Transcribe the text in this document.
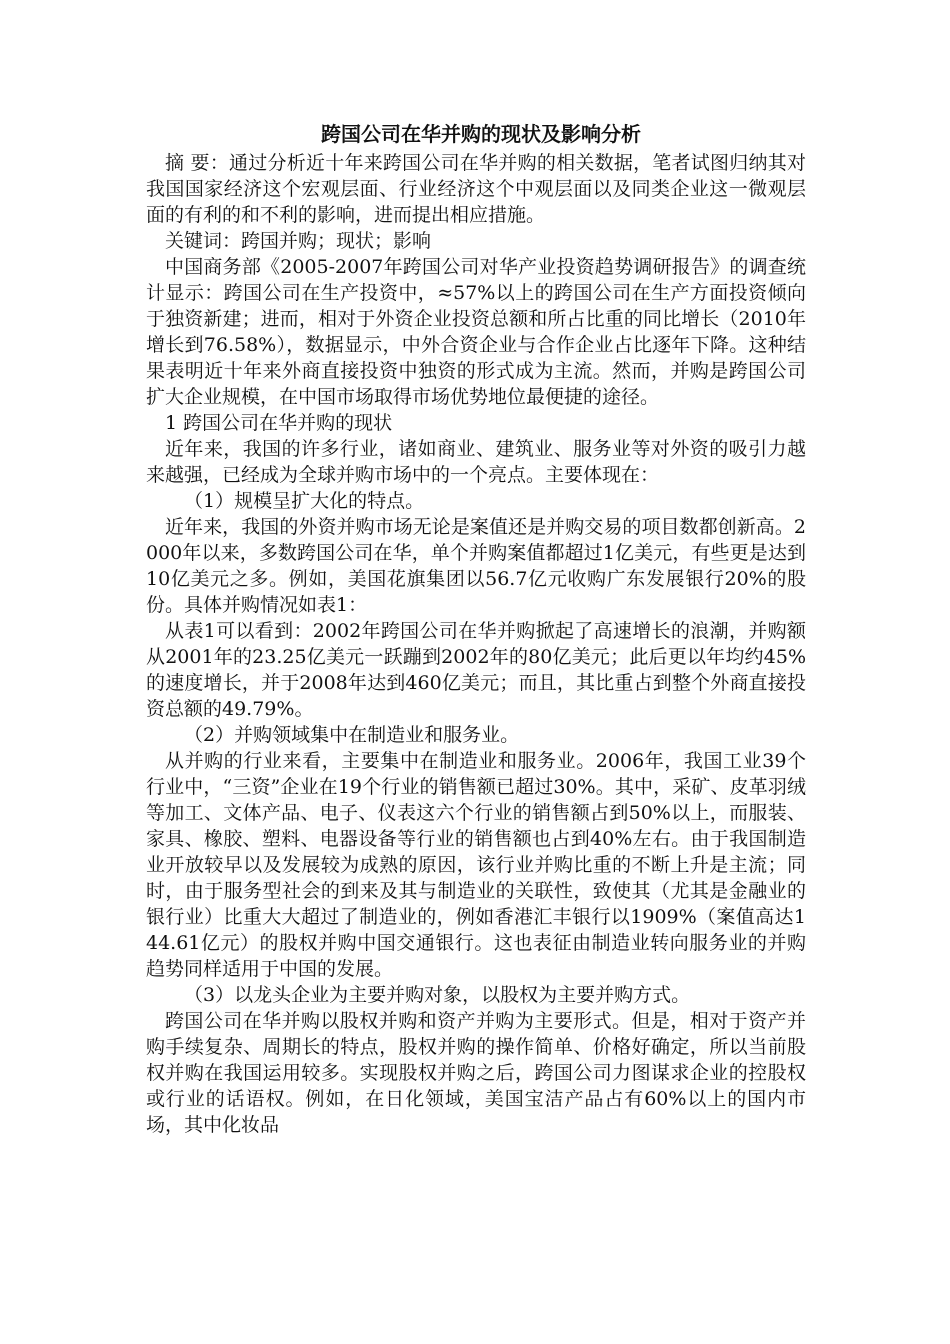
跨国公司在华并购的现状及影响分析

摘 要：通过分析近十年来跨国公司在华并购的相关数据，笔者试图归纳其对我国国家经济这个宏观层面、行业经济这个中观层面以及同类企业这一微观层面的有利的和不利的影响，进而提出相应措施。

关键词：跨国并购；现状；影响

中国商务部《2005-2007年跨国公司对华产业投资趋势调研报告》的调查统计显示：跨国公司在生产投资中，≈57%以上的跨国公司在生产方面投资倾向于独资新建；进而，相对于外资企业投资总额和所占比重的同比增长（2010年增长到76.58%），数据显示，中外合资企业与合作企业占比逐年下降。这种结果表明近十年来外商直接投资中独资的形式成为主流。然而，并购是跨国公司扩大企业规模，在中国市场取得市场优势地位最便捷的途径。

1 跨国公司在华并购的现状

近年来，我国的许多行业，诸如商业、建筑业、服务业等对外资的吸引力越来越强，已经成为全球并购市场中的一个亮点。主要体现在：

（1）规模呈扩大化的特点。

近年来，我国的外资并购市场无论是案值还是并购交易的项目数都创新高。2000年以来，多数跨国公司在华，单个并购案值都超过1亿美元，有些更是达到10亿美元之多。例如，美国花旗集团以56.7亿元收购广东发展银行20%的股份。具体并购情况如表1：

从表1可以看到：2002年跨国公司在华并购掀起了高速增长的浪潮，并购额从2001年的23.25亿美元一跃蹦到2002年的80亿美元；此后更以年均约45%的速度增长，并于2008年达到460亿美元；而且，其比重占到整个外商直接投资总额的49.79%。

（2）并购领域集中在制造业和服务业。

从并购的行业来看，主要集中在制造业和服务业。2006年，我国工业39个行业中，“三资”企业在19个行业的销售额已超过30%。其中，采矿、皮革羽绒等加工、文体产品、电子、仪表这六个行业的销售额占到50%以上，而服装、家具、橡胶、塑料、电器设备等行业的销售额也占到40%左右。由于我国制造业开放较早以及发展较为成熟的原因，该行业并购比重的不断上升是主流；同时，由于服务型社会的到来及其与制造业的关联性，致使其（尤其是金融业的银行业）比重大大超过了制造业的，例如香港汇丰银行以1909%（案值高达144.61亿元）的股权并购中国交通银行。这也表征由制造业转向服务业的并购趋势同样适用于中国的发展。

（3）以龙头企业为主要并购对象，以股权为主要并购方式。

跨国公司在华并购以股权并购和资产并购为主要形式。但是，相对于资产并购手续复杂、周期长的特点，股权并购的操作简单、价格好确定，所以当前股权并购在我国运用较多。实现股权并购之后，跨国公司力图谋求企业的控股权或行业的话语权。例如，在日化领域，美国宝洁产品占有60%以上的国内市场，其中化妆品
